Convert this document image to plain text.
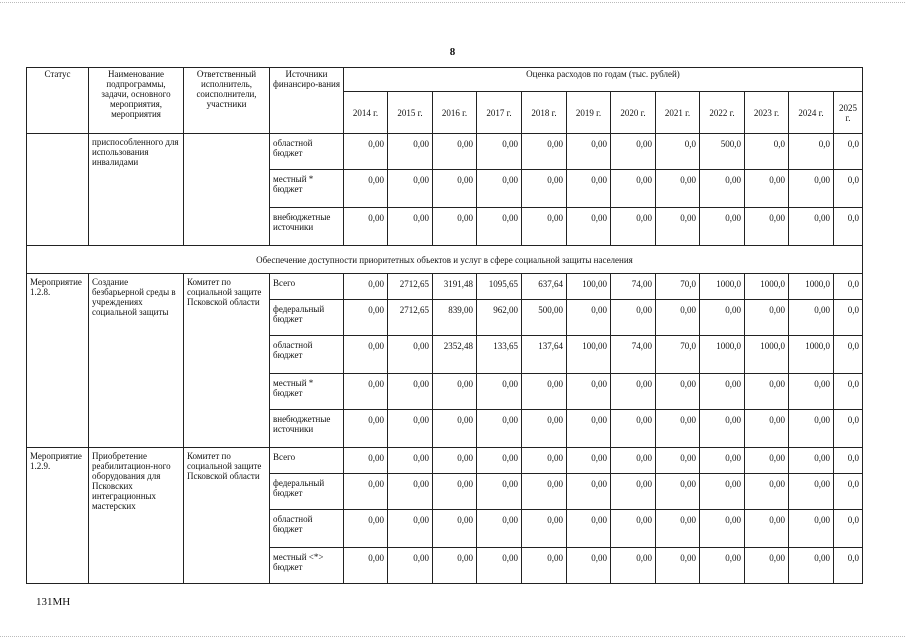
8
Статус	Наименование подпрограммы, задачи, основного мероприятия, мероприятия	Ответственный исполнитель, соисполнители, участники	Источники финансиро-вания	Оценка расходов по годам (тыс. рублей)											
				2014 г.	2015 г.	2016 г.	2017 г.	2018 г.	2019 г.	2020 г.	2021 г.	2022 г.	2023 г.	2024 г.	2025 г.
	приспособленного для использования инвалидами		областной бюджет	0,00	0,00	0,00	0,00	0,00	0,00	0,00	0,0	500,0	0,0	0,0	0,0
			местный * бюджет	0,00	0,00	0,00	0,00	0,00	0,00	0,00	0,00	0,00	0,00	0,00	0,0
			внебюджетные источники	0,00	0,00	0,00	0,00	0,00	0,00	0,00	0,00	0,00	0,00	0,00	0,0
Обеспечение доступности приоритетных объектов и услуг в сфере социальной защиты населения															
Мероприятие 1.2.8.	Создание безбарьерной среды в учреждениях социальной защиты	Комитет по социальной защите Псковской области	Всего	0,00	2712,65	3191,48	1095,65	637,64	100,00	74,00	70,0	1000,0	1000,0	1000,0	0,0
			федеральный бюджет	0,00	2712,65	839,00	962,00	500,00	0,00	0,00	0,00	0,00	0,00	0,00	0,0
			областной бюджет	0,00	0,00	2352,48	133,65	137,64	100,00	74,00	70,0	1000,0	1000,0	1000,0	0,0
			местный * бюджет	0,00	0,00	0,00	0,00	0,00	0,00	0,00	0,00	0,00	0,00	0,00	0,0
			внебюджетные источники	0,00	0,00	0,00	0,00	0,00	0,00	0,00	0,00	0,00	0,00	0,00	0,0
Мероприятие 1.2.9.	Приобретение реабилитацион-ного оборудования для Псковских интеграционных мастерских	Комитет по социальной защите Псковской области	Всего	0,00	0,00	0,00	0,00	0,00	0,00	0,00	0,00	0,00	0,00	0,00	0,0
			федеральный бюджет	0,00	0,00	0,00	0,00	0,00	0,00	0,00	0,00	0,00	0,00	0,00	0,0
			областной бюджет	0,00	0,00	0,00	0,00	0,00	0,00	0,00	0,00	0,00	0,00	0,00	0,0
			местный <*> бюджет	0,00	0,00	0,00	0,00	0,00	0,00	0,00	0,00	0,00	0,00	0,00	0,0
131МН
